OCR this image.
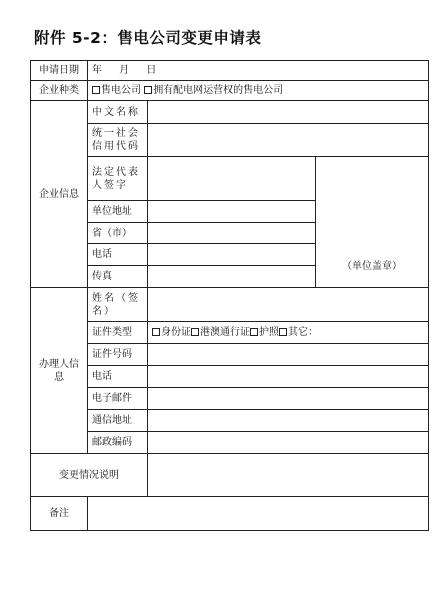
附件 5-2：售电公司变更申请表
申请日期	年 月 日		
企业种类	售电公司 拥有配电网运营权的售电公司		
企业信息	中文名称		
	统一社会信用代码		
	法定代表人签字		（单位盖章）
	单位地址		
	省（市）		
	电话		
	传真		
办理人信息	姓名（签名）		
	证件类型	身份证 港澳通行证 护照 其它：	
	证件号码		
	电话		
	电子邮件		
	通信地址		
	邮政编码		
变更情况说明			
备注			
